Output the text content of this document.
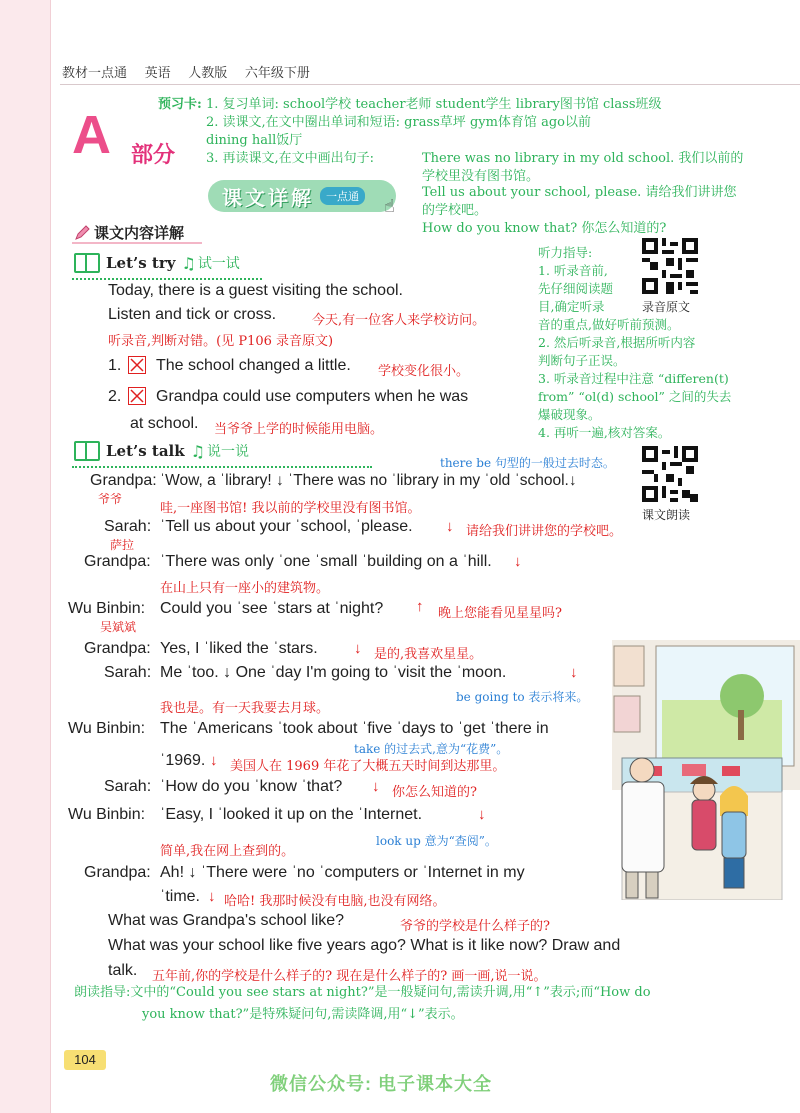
教材一点通 英语 人教版 六年级下册
A 部分
预习卡: 1. 复习单词: school学校 teacher老师 student学生 library图书馆 class班级
2. 读课文,在文中圈出单词和短语: grass草坪 gym体育馆 ago以前
dining hall饭厅
3. 再读课文,在文中画出句子:	There was no library in my old school. 我们以前的
学校里没有图书馆。
Tell us about your school, please. 请给我们讲讲您
的学校吧。
How do you know that? 你怎么知道的?
课文详解	一点通	☝
课文内容详解
Let’s try ♫ 试一试
Today, there is a guest visiting the school.
Listen and tick or cross.	今天,有一位客人来学校访问。
听录音,判断对错。(见 P106 录音原文)
1. The school changed a little. 学校变化很小。
2. Grandpa could use computers when he was
at school. 当爷爷上学的时候能用电脑。
听力指导:
1. 听录音前,
先仔细阅读题
目,确定听录
音的重点,做好听前预测。
2. 然后听录音,根据所听内容
判断句子正误。
3. 听录音过程中注意 “differen(t)
from” “ol(d) school” 之间的失去
爆破现象。
4. 再听一遍,核对答案。
录音原文
课文朗读
Let’s talk ♫ 说一说
there be 句型的一般过去时态。
Grandpa:
爷爷
ˈWow, a ˈlibrary! ↓ ˈThere was no ˈlibrary in my ˈold ˈschool.↓
哇,一座图书馆! 我以前的学校里没有图书馆。
Sarah:
萨拉
ˈTell us about your ˈschool, ˈplease. ↓ 请给我们讲讲您的学校吧。
Grandpa: ˈThere was only ˈone ˈsmall ˈbuilding on a ˈhill. ↓
在山上只有一座小的建筑物。
Wu Binbin:
吴斌斌
Could you ˈsee ˈstars at ˈnight? ↑ 晚上您能看见星星吗?
Grandpa: Yes, I ˈliked the ˈstars. ↓ 是的,我喜欢星星。
Sarah: Me ˈtoo. ↓ One ˈday I'm going to ˈvisit the ˈmoon.	↓
be going to 表示将来。
我也是。有一天我要去月球。
Wu Binbin: The ˈAmericans ˈtook about ˈfive ˈdays to ˈget ˈthere in
take 的过去式,意为“花费”。
ˈ1969. ↓ 美国人在 1969 年花了大概五天时间到达那里。
Sarah: ˈHow do you ˈknow ˈthat? ↓ 你怎么知道的?
Wu Binbin: ˈEasy, I ˈlooked it up on the ˈInternet.	↓
look up 意为“查阅”。
简单,我在网上查到的。
Grandpa: Ah! ↓ ˈThere were ˈno ˈcomputers or ˈInternet in my
ˈtime. ↓ 哈哈! 我那时候没有电脑,也没有网络。
What was Grandpa's school like?	爷爷的学校是什么样子的?
What was your school like five years ago? What is it like now? Draw and
talk. 五年前,你的学校是什么样子的? 现在是什么样子的? 画一画,说一说。
朗读指导:文中的“Could you see stars at night?”是一般疑问句,需读升调,用“↑”表示;而“How do
you know that?”是特殊疑问句,需读降调,用“↓”表示。
104
微信公众号: 电子课本大全
